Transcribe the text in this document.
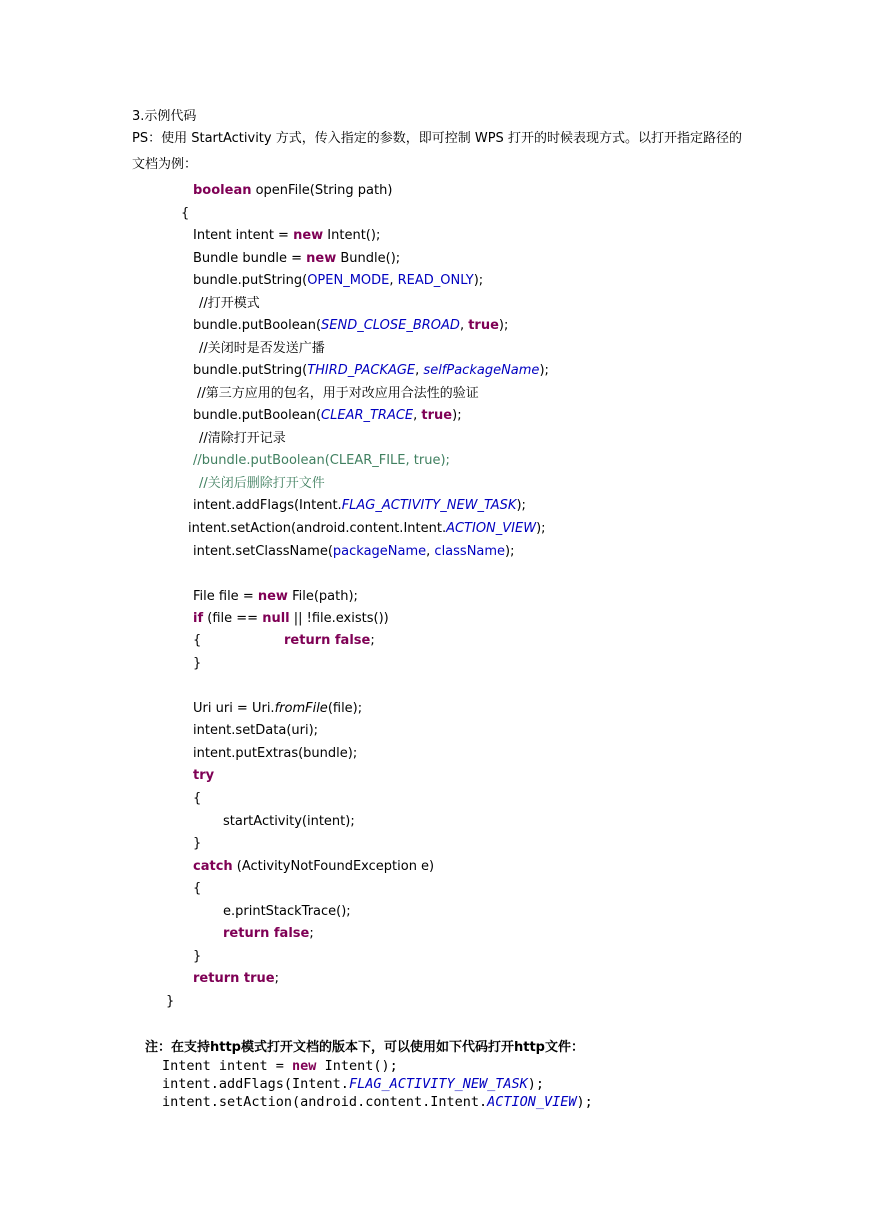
3.示例代码
PS：使用 StartActivity 方式，传入指定的参数，即可控制 WPS 打开的时候表现方式。以打开指定路径的
文档为例：
boolean openFile(String path)
{
Intent intent = new Intent();
Bundle bundle = new Bundle();
bundle.putString(OPEN_MODE, READ_ONLY);
//打开模式
bundle.putBoolean(SEND_CLOSE_BROAD, true);
//关闭时是否发送广播
bundle.putString(THIRD_PACKAGE, selfPackageName);
//第三方应用的包名，用于对改应用合法性的验证
bundle.putBoolean(CLEAR_TRACE, true);
//清除打开记录
//bundle.putBoolean(CLEAR_FILE, true);
//关闭后删除打开文件
intent.addFlags(Intent.FLAG_ACTIVITY_NEW_TASK);
intent.setAction(android.content.Intent.ACTION_VIEW);
intent.setClassName(packageName, className);
File file = new File(path);
if (file == null || !file.exists())
{	return false;
}
Uri uri = Uri.fromFile(file);
intent.setData(uri);
intent.putExtras(bundle);
try
{
startActivity(intent);
}
catch (ActivityNotFoundException e)
{
e.printStackTrace();
return false;
}
return true;
}
注：在支持http模式打开文档的版本下，可以使用如下代码打开http文件：
Intent intent = new Intent();
intent.addFlags(Intent.FLAG_ACTIVITY_NEW_TASK);
intent.setAction(android.content.Intent.ACTION_VIEW);
